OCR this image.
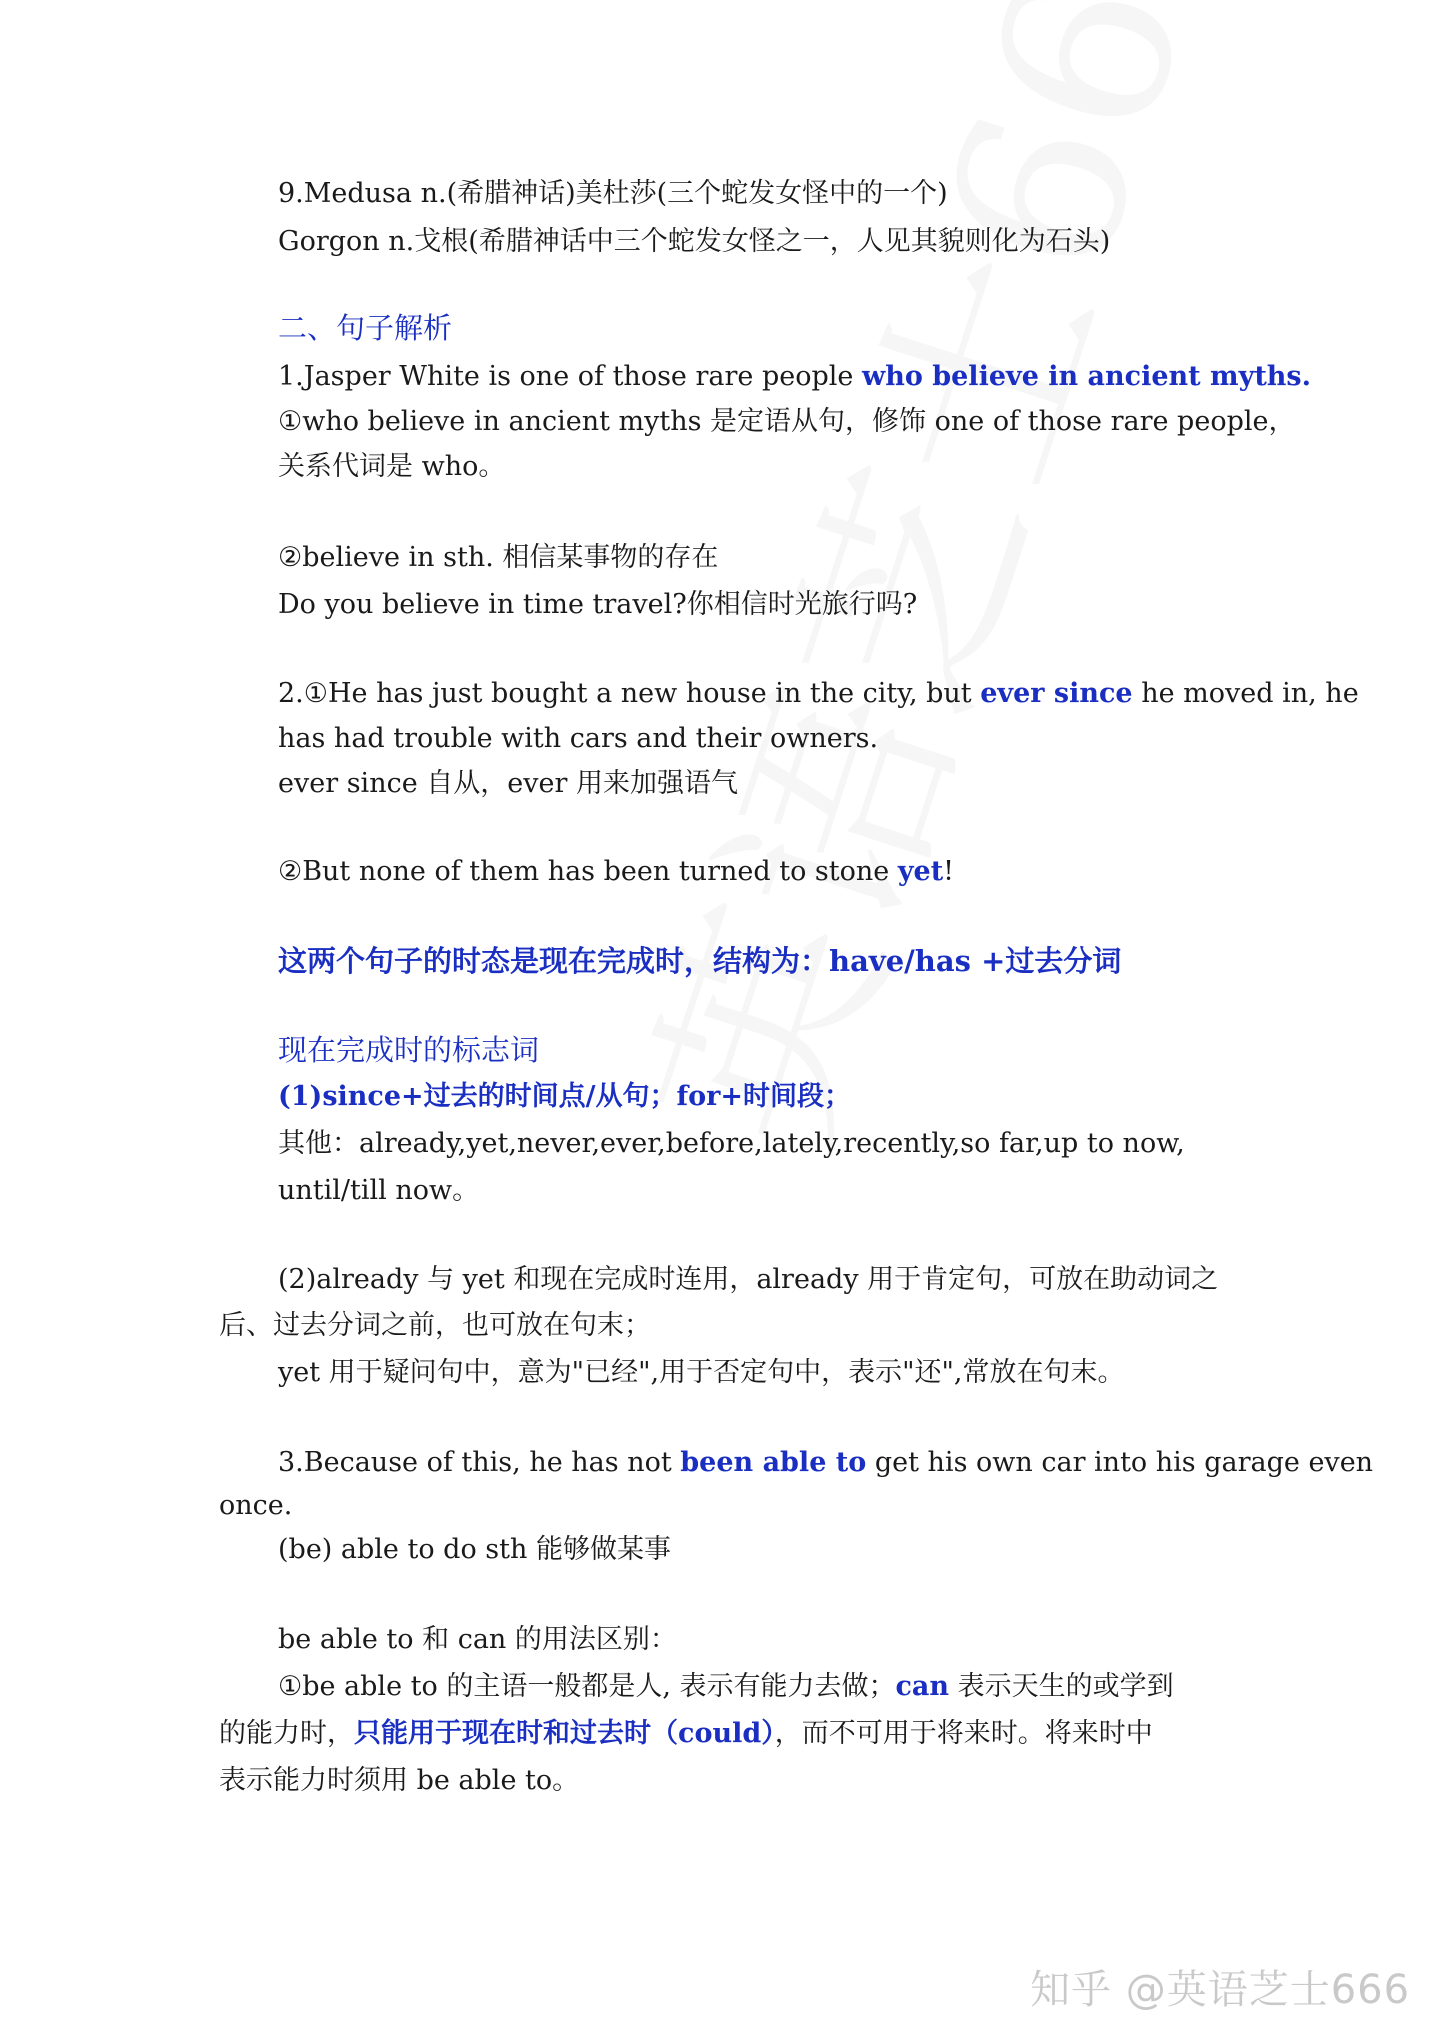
9.Medusa n.(希腊神话)美杜莎(三个蛇发女怪中的一个)
Gorgon n.戈根(希腊神话中三个蛇发女怪之一，人见其貌则化为石头)
二、句子解析
1.Jasper White is one of those rare people who believe in ancient myths.
①who believe in ancient myths 是定语从句，修饰 one of those rare people，
关系代词是 who。
②believe in sth. 相信某事物的存在
Do you believe in time travel?你相信时光旅行吗?
2.①He has just bought a new house in the city, but ever since he moved in, he
has had trouble with cars and their owners.
ever since 自从，ever 用来加强语气
②But none of them has been turned to stone yet!
这两个句子的时态是现在完成时，结构为：have/has +过去分词
现在完成时的标志词
(1)since+过去的时间点/从句；for+时间段；
其他：already,yet,never,ever,before,lately,recently,so far,up to now,
until/till now。
(2)already 与 yet 和现在完成时连用，already 用于肯定句，可放在助动词之
后、过去分词之前，也可放在句末；
yet 用于疑问句中，意为"已经",用于否定句中，表示"还",常放在句末。
3.Because of this, he has not been able to get his own car into his garage even
once.
(be) able to do sth 能够做某事
be able to 和 can 的用法区别：
①be able to 的主语一般都是人, 表示有能力去做；can 表示天生的或学到
的能力时，只能用于现在时和过去时（could），而不可用于将来时。将来时中
表示能力时须用 be able to。
知乎 @英语芝士666
